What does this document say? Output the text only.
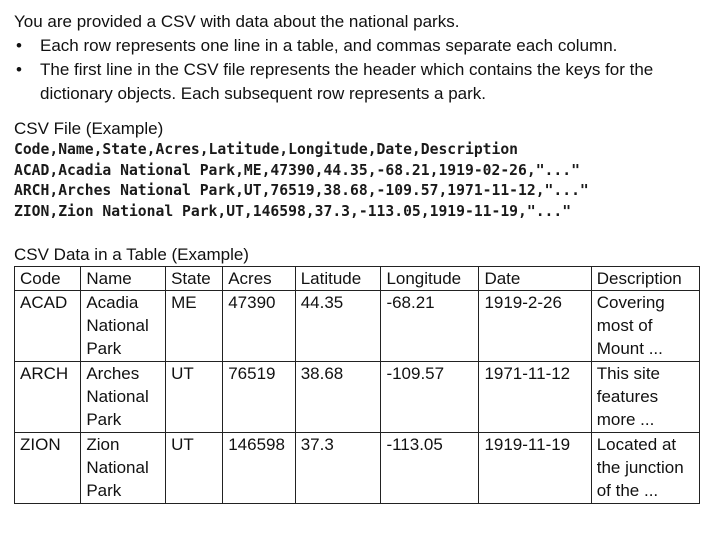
You are provided a CSV with data about the national parks.

• Each row represents one line in a table, and commas separate each column.
• The first line in the CSV file represents the header which contains the keys for the dictionary objects. Each subsequent row represents a park.

CSV File (Example)

Code,Name,State,Acres,Latitude,Longitude,Date,Description
ACAD,Acadia National Park,ME,47390,44.35,-68.21,1919-02-26,"..."
ARCH,Arches National Park,UT,76519,38.68,-109.57,1971-11-12,"..."
ZION,Zion National Park,UT,146598,37.3,-113.05,1919-11-19,"..."

CSV Data in a Table (Example)

Code	Name	State	Acres	Latitude	Longitude	Date	Description
ACAD	Acadia National Park	ME	47390	44.35	-68.21	1919-2-26	Covering most of Mount ...
ARCH	Arches National Park	UT	76519	38.68	-109.57	1971-11-12	This site features more ...
ZION	Zion National Park	UT	146598	37.3	-113.05	1919-11-19	Located at the junction of the ...
